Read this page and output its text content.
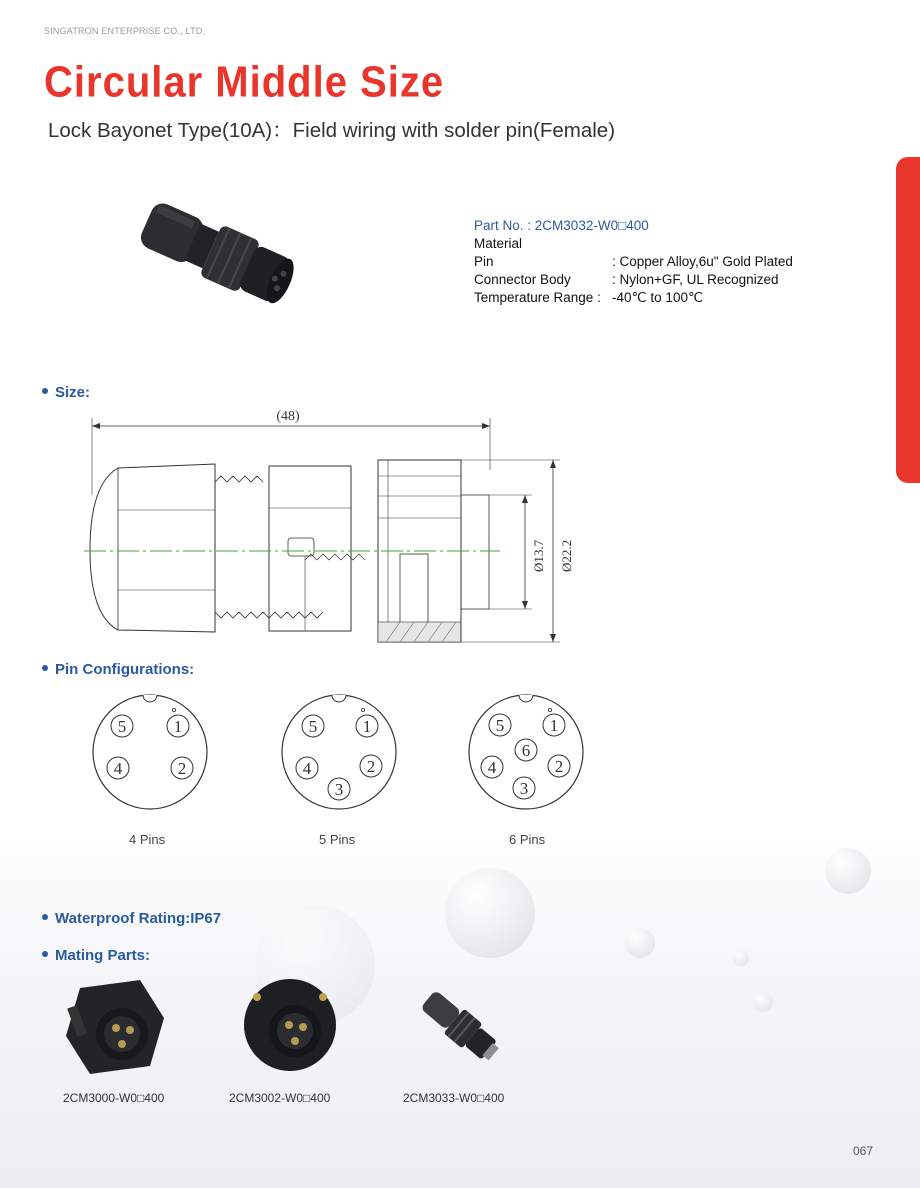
SINGATRON ENTERPRISE CO., LTD.
Circular Middle Size
Lock Bayonet Type(10A)：Field wiring with solder pin(Female)
Part No. : 2CM3032-W0□400
Material
Pin	: Copper Alloy,6u" Gold Plated
Connector Body	: Nylon+GF, UL Recognized
Temperature Range : -40℃ to 100℃
Size:
(48)
Ø13.7 Ø22.2
Pin Configurations:
5	1
4	2
4 Pins
5	1
4	2
3
5 Pins
5	1
6
4	2
3
6 Pins
Waterproof Rating:IP67
Mating Parts:
2CM3000-W0□400	2CM3002-W0□400	2CM3033-W0□400
067
